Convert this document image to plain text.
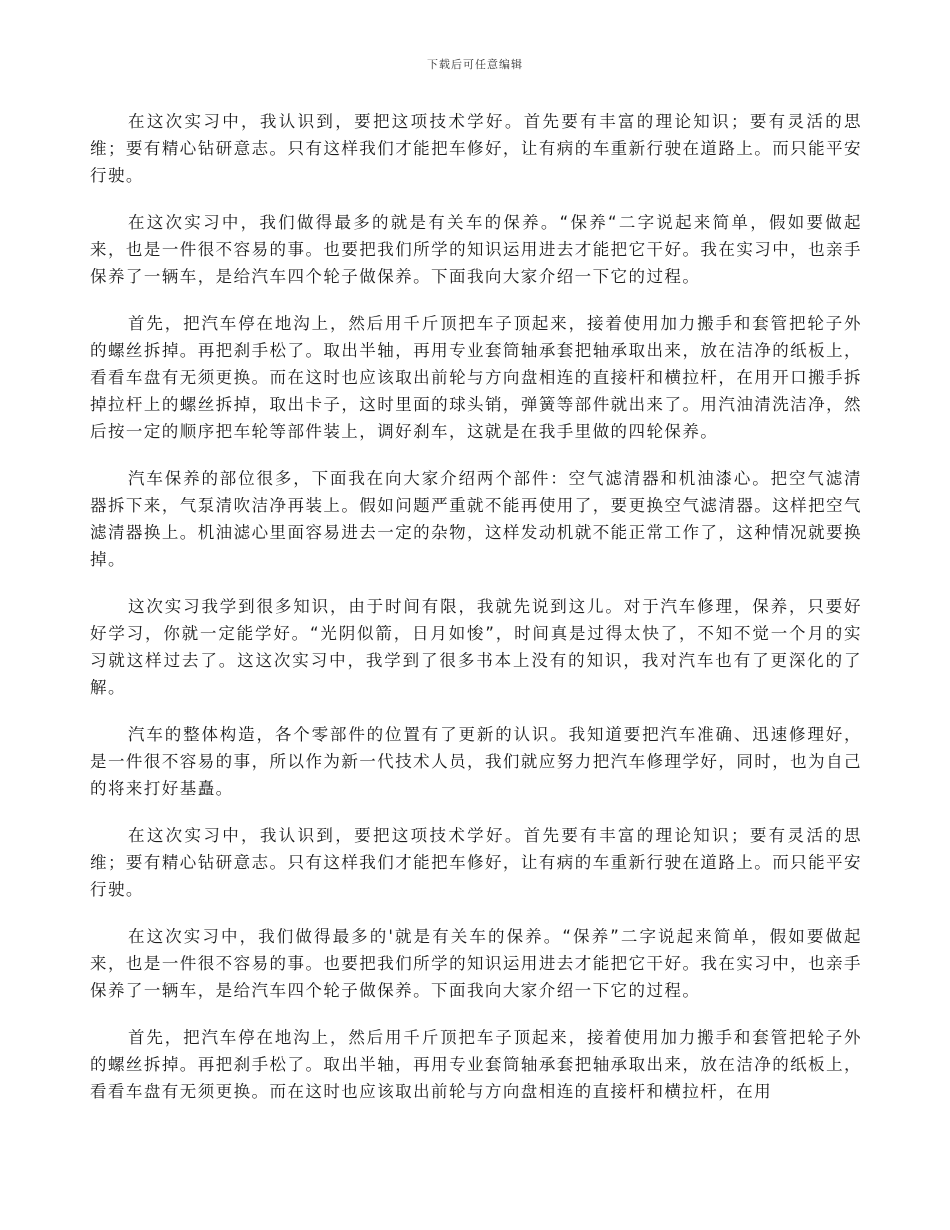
下载后可任意编辑

在这次实习中，我认识到，要把这项技术学好。首先要有丰富的理论知识；要有灵活的思维；要有精心钻研意志。只有这样我们才能把车修好，让有病的车重新行驶在道路上。而只能平安行驶。

在这次实习中，我们做得最多的就是有关车的保养。“保养“二字说起来简单，假如要做起来，也是一件很不容易的事。也要把我们所学的知识运用进去才能把它干好。我在实习中，也亲手保养了一辆车，是给汽车四个轮子做保养。下面我向大家介绍一下它的过程。

首先，把汽车停在地沟上，然后用千斤顶把车子顶起来，接着使用加力搬手和套管把轮子外的螺丝拆掉。再把刹手松了。取出半轴，再用专业套筒轴承套把轴承取出来，放在洁净的纸板上，看看车盘有无须更换。而在这时也应该取出前轮与方向盘相连的直接杆和横拉杆，在用开口搬手拆掉拉杆上的螺丝拆掉，取出卡子，这时里面的球头销，弹簧等部件就出来了。用汽油清洗洁净，然后按一定的顺序把车轮等部件装上，调好刹车，这就是在我手里做的四轮保养。

汽车保养的部位很多，下面我在向大家介绍两个部件：空气滤清器和机油漆心。把空气滤清器拆下来，气泵清吹洁净再装上。假如问题严重就不能再使用了，要更换空气滤清器。这样把空气滤清器换上。机油滤心里面容易进去一定的杂物，这样发动机就不能正常工作了，这种情况就要换掉。

这次实习我学到很多知识，由于时间有限，我就先说到这儿。对于汽车修理，保养，只要好好学习，你就一定能学好。“光阴似箭，日月如悛”，时间真是过得太快了，不知不觉一个月的实习就这样过去了。这这次实习中，我学到了很多书本上没有的知识，我对汽车也有了更深化的了解。

汽车的整体构造，各个零部件的位置有了更新的认识。我知道要把汽车准确、迅速修理好，是一件很不容易的事，所以作为新一代技术人员，我们就应努力把汽车修理学好，同时，也为自己的将来打好基矗。

在这次实习中，我认识到，要把这项技术学好。首先要有丰富的理论知识；要有灵活的思维；要有精心钻研意志。只有这样我们才能把车修好，让有病的车重新行驶在道路上。而只能平安行驶。

在这次实习中，我们做得最多的'就是有关车的保养。“保养”二字说起来简单，假如要做起来，也是一件很不容易的事。也要把我们所学的知识运用进去才能把它干好。我在实习中，也亲手保养了一辆车，是给汽车四个轮子做保养。下面我向大家介绍一下它的过程。

首先，把汽车停在地沟上，然后用千斤顶把车子顶起来，接着使用加力搬手和套管把轮子外的螺丝拆掉。再把刹手松了。取出半轴，再用专业套筒轴承套把轴承取出来，放在洁净的纸板上，看看车盘有无须更换。而在这时也应该取出前轮与方向盘相连的直接杆和横拉杆，在用
